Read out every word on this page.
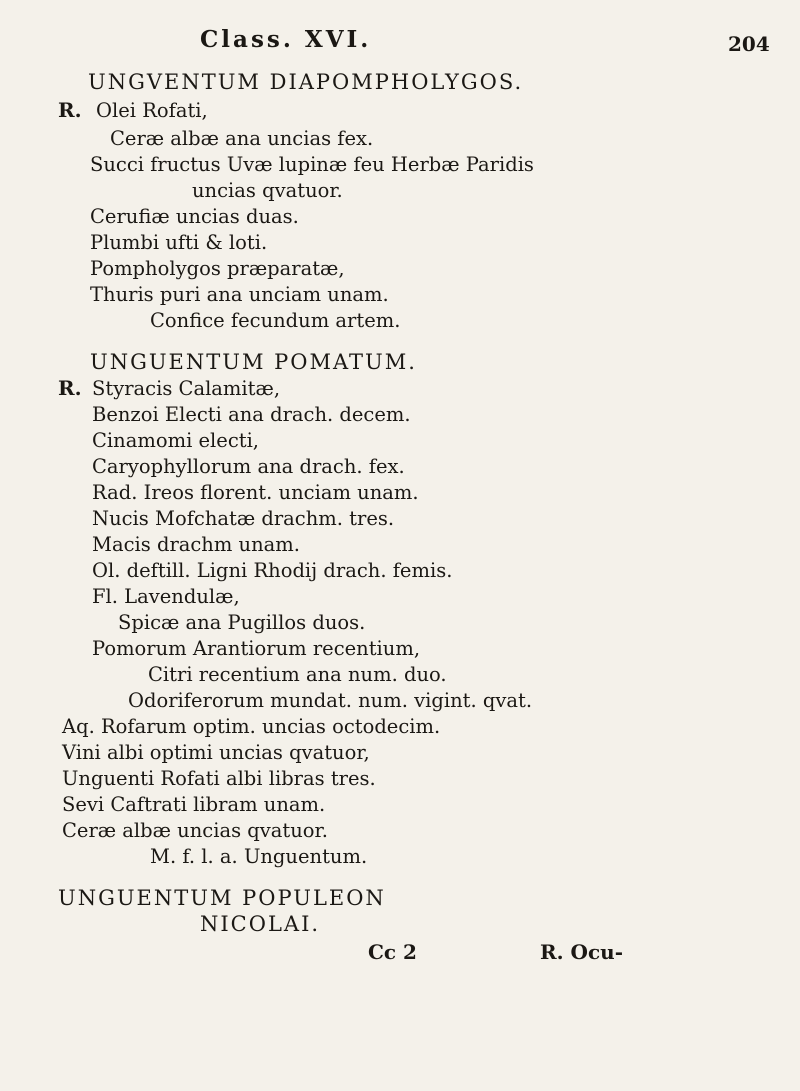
Class. XVI.	204
UNGVENTUM DIAPOMPHOLYGOS.
R. Olei Rofati,
Ceræ albæ ana uncias fex.
Succi fructus Uvæ lupinæ feu Herbæ Paridis
uncias qvatuor.
Cerufiæ uncias duas.
Plumbi ufti & loti.
Pompholygos præparatæ,
Thuris puri ana unciam unam.
Confice fecundum artem.
UNGUENTUM POMATUM.
R. Styracis Calamitæ,
Benzoi Electi ana drach. decem.
Cinamomi electi,
Caryophyllorum ana drach. fex.
Rad. Ireos florent. unciam unam.
Nucis Mofchatæ drachm. tres.
Macis drachm unam.
Ol. deftill. Ligni Rhodij drach. femis.
Fl. Lavendulæ,
Spicæ ana Pugillos duos.
Pomorum Arantiorum recentium,
Citri recentium ana num. duo.
Odoriferorum mundat. num. vigint. qvat.
Aq. Rofarum optim. uncias octodecim.
Vini albi optimi uncias qvatuor,
Unguenti Rofati albi libras tres.
Sevi Caftrati libram unam.
Ceræ albæ uncias qvatuor.
M. f. l. a. Unguentum.
UNGUENTUM POPULEON
NICOLAI.
Cc 2	R. Ocu-
